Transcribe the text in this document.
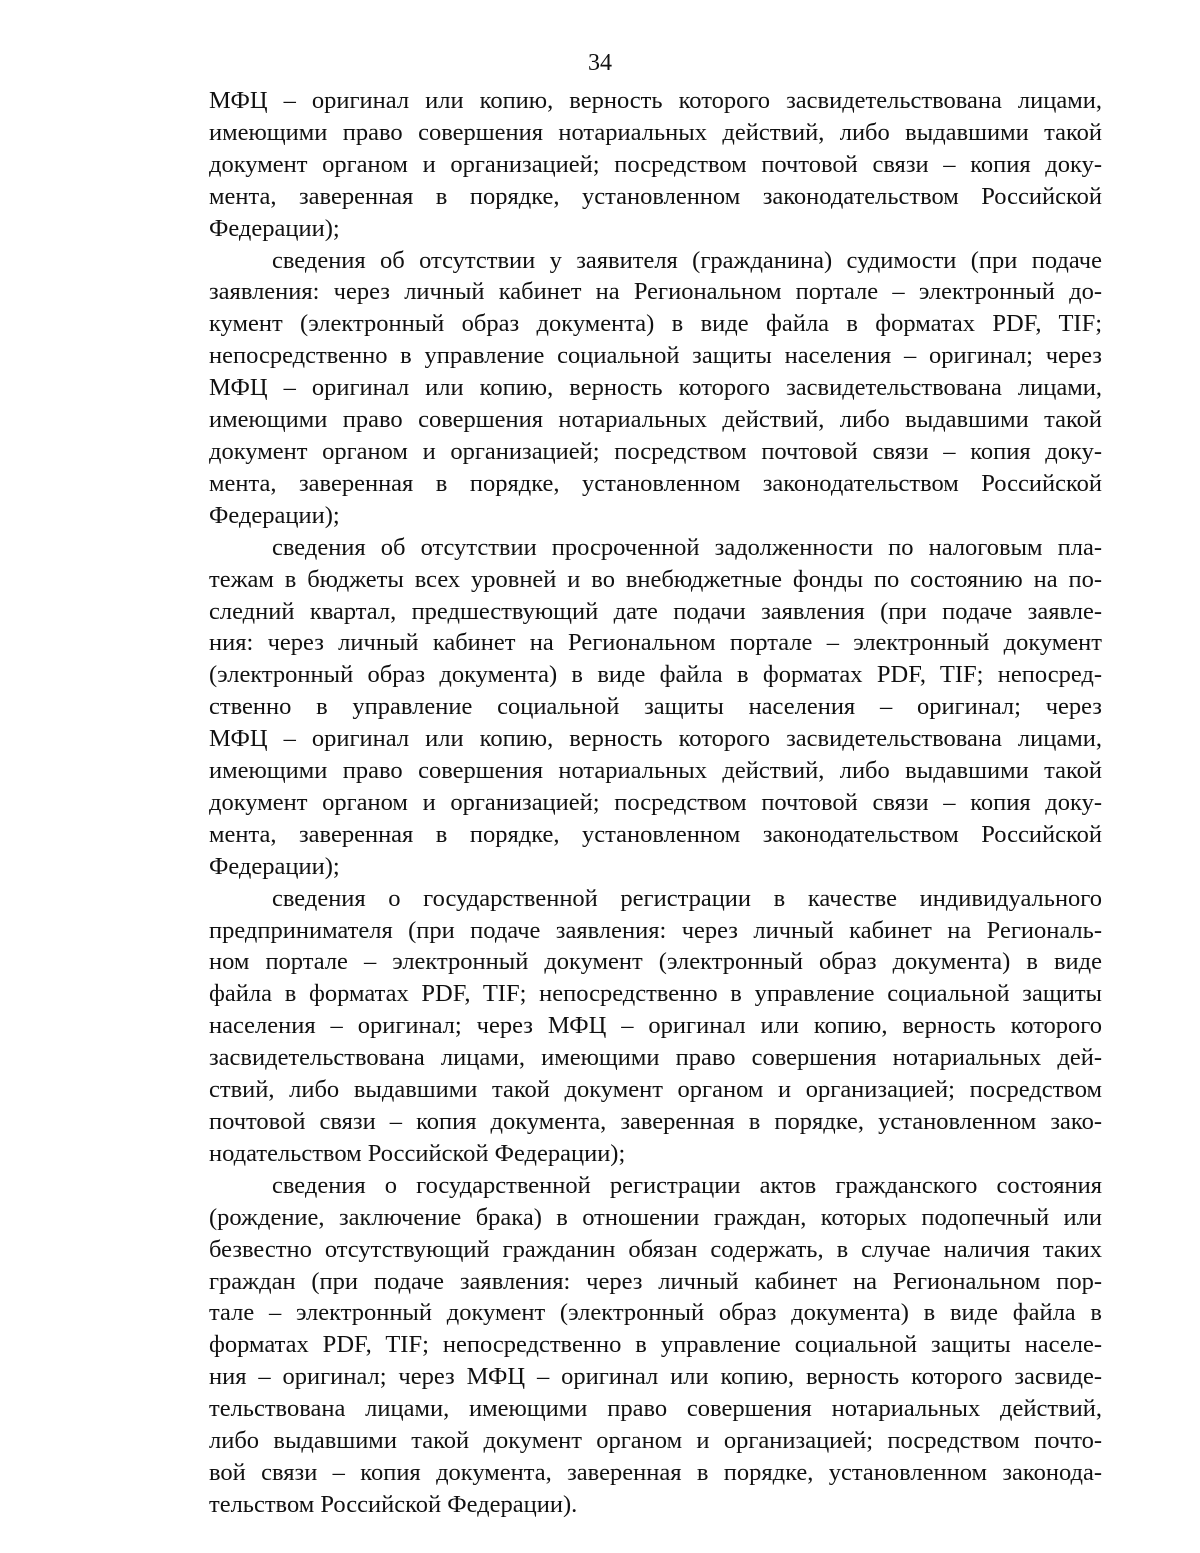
34
МФЦ – оригинал или копию, верность которого засвидетельствована лицами,
имеющими право совершения нотариальных действий, либо выдавшими такой
документ органом и организацией; посредством почтовой связи – копия доку-
мента, заверенная в порядке, установленном законодательством Российской
Федерации);
сведения об отсутствии у заявителя (гражданина) судимости (при подаче
заявления: через личный кабинет на Региональном портале – электронный до-
кумент (электронный образ документа) в виде файла в форматах PDF, TIF;
непосредственно в управление социальной защиты населения – оригинал; через
МФЦ – оригинал или копию, верность которого засвидетельствована лицами,
имеющими право совершения нотариальных действий, либо выдавшими такой
документ органом и организацией; посредством почтовой связи – копия доку-
мента, заверенная в порядке, установленном законодательством Российской
Федерации);
сведения об отсутствии просроченной задолженности по налоговым пла-
тежам в бюджеты всех уровней и во внебюджетные фонды по состоянию на по-
следний квартал, предшествующий дате подачи заявления (при подаче заявле-
ния: через личный кабинет на Региональном портале – электронный документ
(электронный образ документа) в виде файла в форматах PDF, TIF; непосред-
ственно в управление социальной защиты населения – оригинал; через
МФЦ – оригинал или копию, верность которого засвидетельствована лицами,
имеющими право совершения нотариальных действий, либо выдавшими такой
документ органом и организацией; посредством почтовой связи – копия доку-
мента, заверенная в порядке, установленном законодательством Российской
Федерации);
сведения о государственной регистрации в качестве индивидуального
предпринимателя (при подаче заявления: через личный кабинет на Региональ-
ном портале – электронный документ (электронный образ документа) в виде
файла в форматах PDF, TIF; непосредственно в управление социальной защиты
населения – оригинал; через МФЦ – оригинал или копию, верность которого
засвидетельствована лицами, имеющими право совершения нотариальных дей-
ствий, либо выдавшими такой документ органом и организацией; посредством
почтовой связи – копия документа, заверенная в порядке, установленном зако-
нодательством Российской Федерации);
сведения о государственной регистрации актов гражданского состояния
(рождение, заключение брака) в отношении граждан, которых подопечный или
безвестно отсутствующий гражданин обязан содержать, в случае наличия таких
граждан (при подаче заявления: через личный кабинет на Региональном пор-
тале – электронный документ (электронный образ документа) в виде файла в
форматах PDF, TIF; непосредственно в управление социальной защиты населе-
ния – оригинал; через МФЦ – оригинал или копию, верность которого засвиде-
тельствована лицами, имеющими право совершения нотариальных действий,
либо выдавшими такой документ органом и организацией; посредством почто-
вой связи – копия документа, заверенная в порядке, установленном законода-
тельством Российской Федерации).
